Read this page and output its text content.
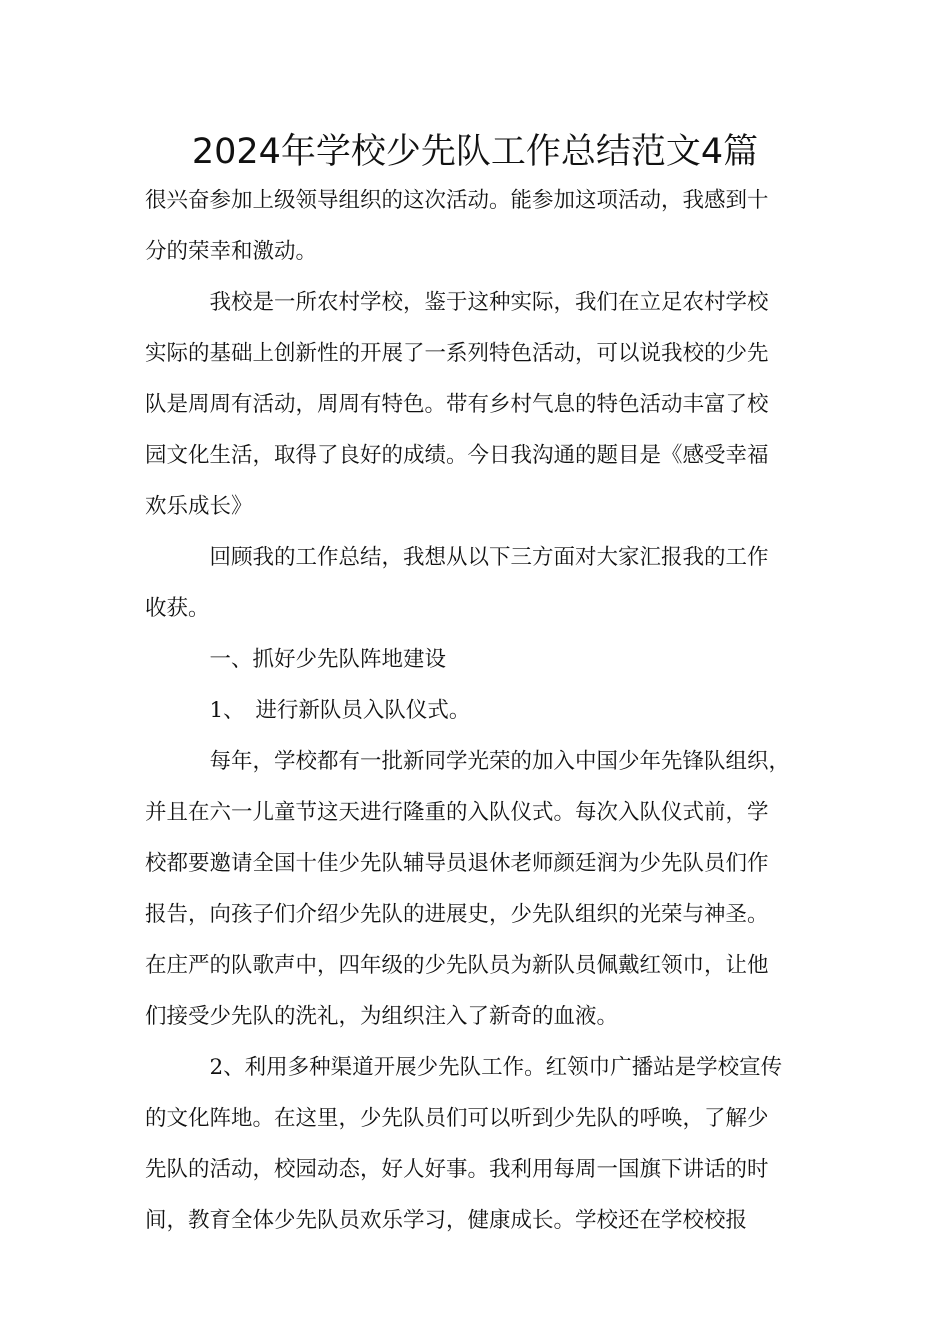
2024年学校少先队工作总结范文4篇

很兴奋参加上级领导组织的这次活动。能参加这项活动，我感到十

分的荣幸和激动。

　　　我校是一所农村学校，鉴于这种实际，我们在立足农村学校

实际的基础上创新性的开展了一系列特色活动，可以说我校的少先

队是周周有活动，周周有特色。带有乡村气息的特色活动丰富了校

园文化生活，取得了良好的成绩。今日我沟通的题目是《感受幸福

欢乐成长》

　　　回顾我的工作总结，我想从以下三方面对大家汇报我的工作

收获。

　　　一、抓好少先队阵地建设

　　　1、　进行新队员入队仪式。

　　　每年，学校都有一批新同学光荣的加入中国少年先锋队组织，

并且在六一儿童节这天进行隆重的入队仪式。每次入队仪式前，学

校都要邀请全国十佳少先队辅导员退休老师颜廷润为少先队员们作

报告，向孩子们介绍少先队的进展史，少先队组织的光荣与神圣。

在庄严的队歌声中，四年级的少先队员为新队员佩戴红领巾，让他

们接受少先队的洗礼，为组织注入了新奇的血液。

　　　2、利用多种渠道开展少先队工作。红领巾广播站是学校宣传

的文化阵地。在这里，少先队员们可以听到少先队的呼唤，了解少

先队的活动，校园动态，好人好事。我利用每周一国旗下讲话的时

间，教育全体少先队员欢乐学习，健康成长。学校还在学校校报
